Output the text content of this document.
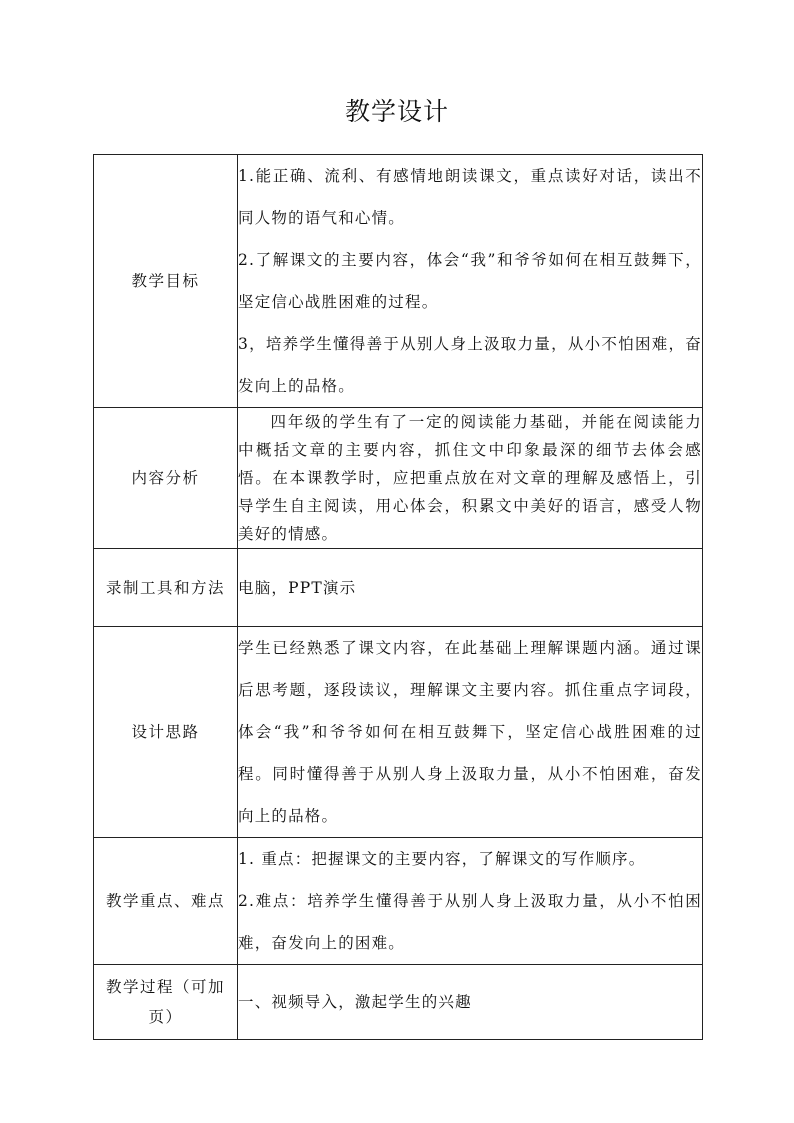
教学设计
教学目标	1.能正确、流利、有感情地朗读课文，重点读好对话，读出不同人物的语气和心情。

2.了解课文的主要内容，体会“我”和爷爷如何在相互鼓舞下，坚定信心战胜困难的过程。

3，培养学生懂得善于从别人身上汲取力量，从小不怕困难，奋发向上的品格。

内容分析	四年级的学生有了一定的阅读能力基础，并能在阅读能力中概括文章的主要内容，抓住文中印象最深的细节去体会感悟。在本课教学时，应把重点放在对文章的理解及感悟上，引导学生自主阅读，用心体会，积累文中美好的语言，感受人物美好的情感。

录制工具和方法	电脑，PPT演示

设计思路	学生已经熟悉了课文内容，在此基础上理解课题内涵。通过课后思考题，逐段读议，理解课文主要内容。抓住重点字词段，体会“我”和爷爷如何在相互鼓舞下，坚定信心战胜困难的过程。同时懂得善于从别人身上汲取力量，从小不怕困难，奋发向上的品格。

教学重点、难点	1. 重点：把握课文的主要内容，了解课文的写作顺序。

2.难点：培养学生懂得善于从别人身上汲取力量，从小不怕困难，奋发向上的困难。

教学过程（可加页）	一、视频导入，激起学生的兴趣
